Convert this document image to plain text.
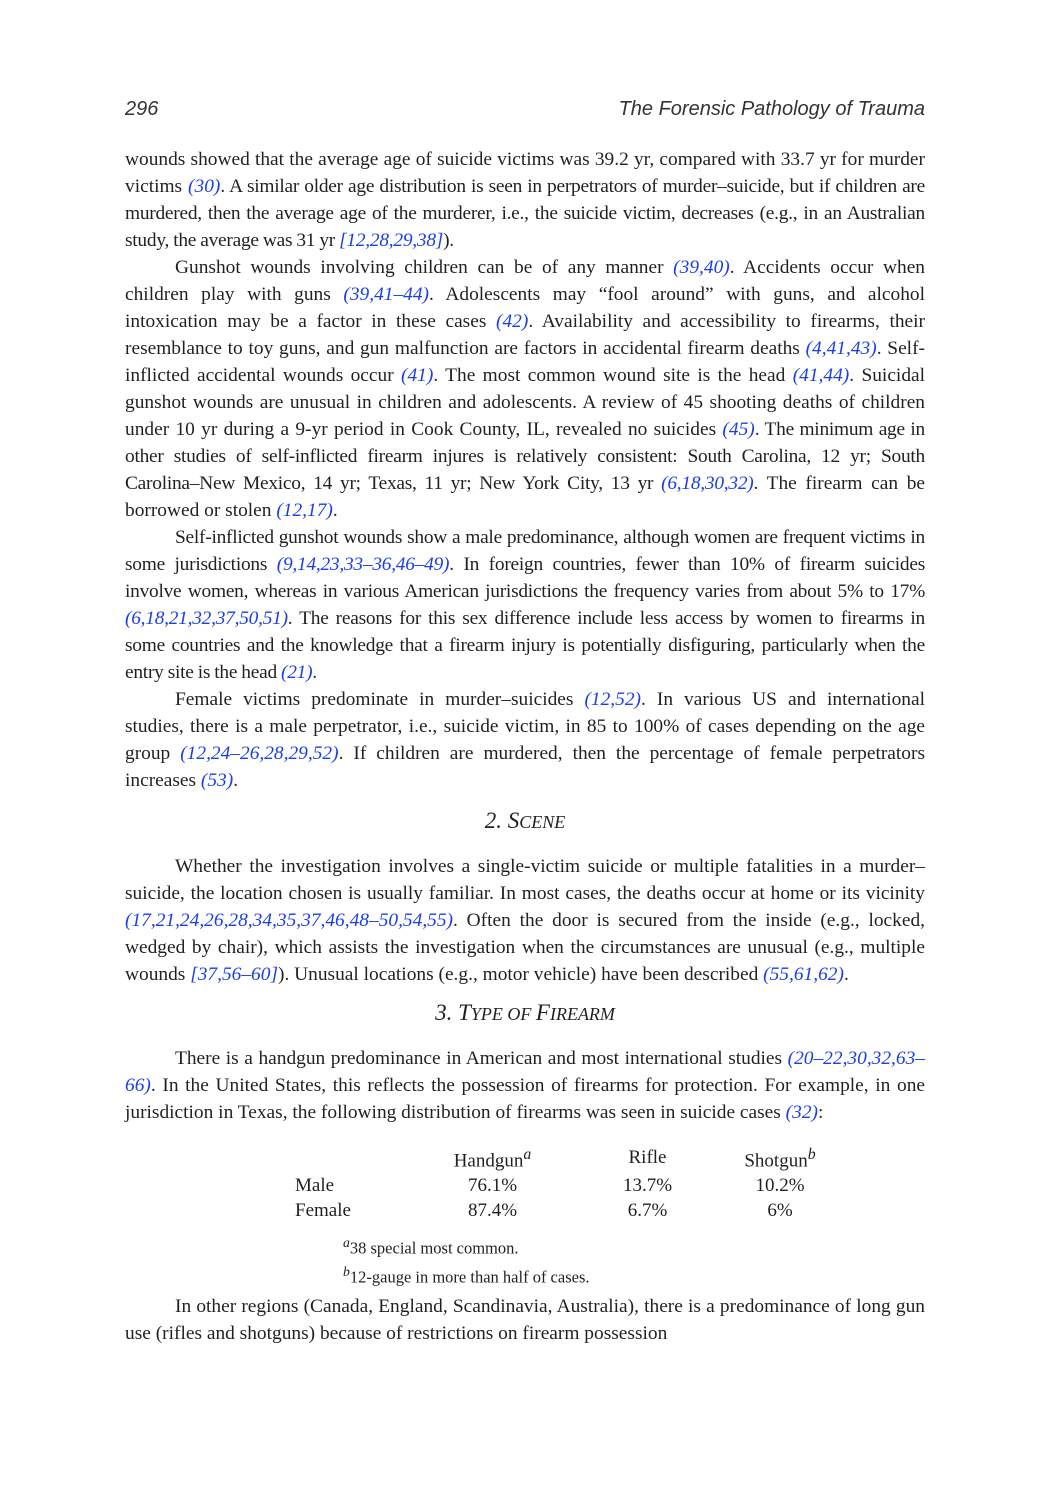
296	The Forensic Pathology of Trauma

wounds showed that the average age of suicide victims was 39.2 yr, compared with 33.7 yr for murder victims (30). A similar older age distribution is seen in perpetrators of murder–suicide, but if children are murdered, then the average age of the murderer, i.e., the suicide victim, decreases (e.g., in an Australian study, the average was 31 yr [12,28,29,38]).

Gunshot wounds involving children can be of any manner (39,40). Accidents occur when children play with guns (39,41–44). Adolescents may “fool around” with guns, and alcohol intoxication may be a factor in these cases (42). Availability and accessibility to firearms, their resemblance to toy guns, and gun malfunction are factors in accidental firearm deaths (4,41,43). Self-inflicted accidental wounds occur (41). The most common wound site is the head (41,44). Suicidal gunshot wounds are unusual in children and adolescents. A review of 45 shooting deaths of children under 10 yr during a 9-yr period in Cook County, IL, revealed no suicides (45). The minimum age in other studies of self-inflicted firearm injures is relatively consistent: South Carolina, 12 yr; South Carolina–New Mexico, 14 yr; Texas, 11 yr; New York City, 13 yr (6,18,30,32). The firearm can be borrowed or stolen (12,17).

Self-inflicted gunshot wounds show a male predominance, although women are frequent victims in some jurisdictions (9,14,23,33–36,46–49). In foreign countries, fewer than 10% of firearm suicides involve women, whereas in various American jurisdictions the frequency varies from about 5% to 17% (6,18,21,32,37,50,51). The reasons for this sex difference include less access by women to firearms in some countries and the knowledge that a firearm injury is potentially disfiguring, particularly when the entry site is the head (21).

Female victims predominate in murder–suicides (12,52). In various US and international studies, there is a male perpetrator, i.e., suicide victim, in 85 to 100% of cases depending on the age group (12,24–26,28,29,52). If children are murdered, then the percentage of female perpetrators increases (53).

2. SCENE

Whether the investigation involves a single-victim suicide or multiple fatalities in a murder–suicide, the location chosen is usually familiar. In most cases, the deaths occur at home or its vicinity (17,21,24,26,28,34,35,37,46,48–50,54,55). Often the door is secured from the inside (e.g., locked, wedged by chair), which assists the investigation when the circumstances are unusual (e.g., multiple wounds [37,56–60]). Unusual locations (e.g., motor vehicle) have been described (55,61,62).

3. TYPE OF FIREARM

There is a handgun predominance in American and most international studies (20–22,30,32,63–66). In the United States, this reflects the possession of firearms for protection. For example, in one jurisdiction in Texas, the following distribution of firearms was seen in suicide cases (32):

	Handgun$^a$	Rifle	Shotgun$^b$
Male	76.1%	13.7%	10.2%
Female	87.4%	6.7%	6%
$^a$38 special most common.
$^b$12-gauge in more than half of cases.

In other regions (Canada, England, Scandinavia, Australia), there is a predominance of long gun use (rifles and shotguns) because of restrictions on firearm possession
